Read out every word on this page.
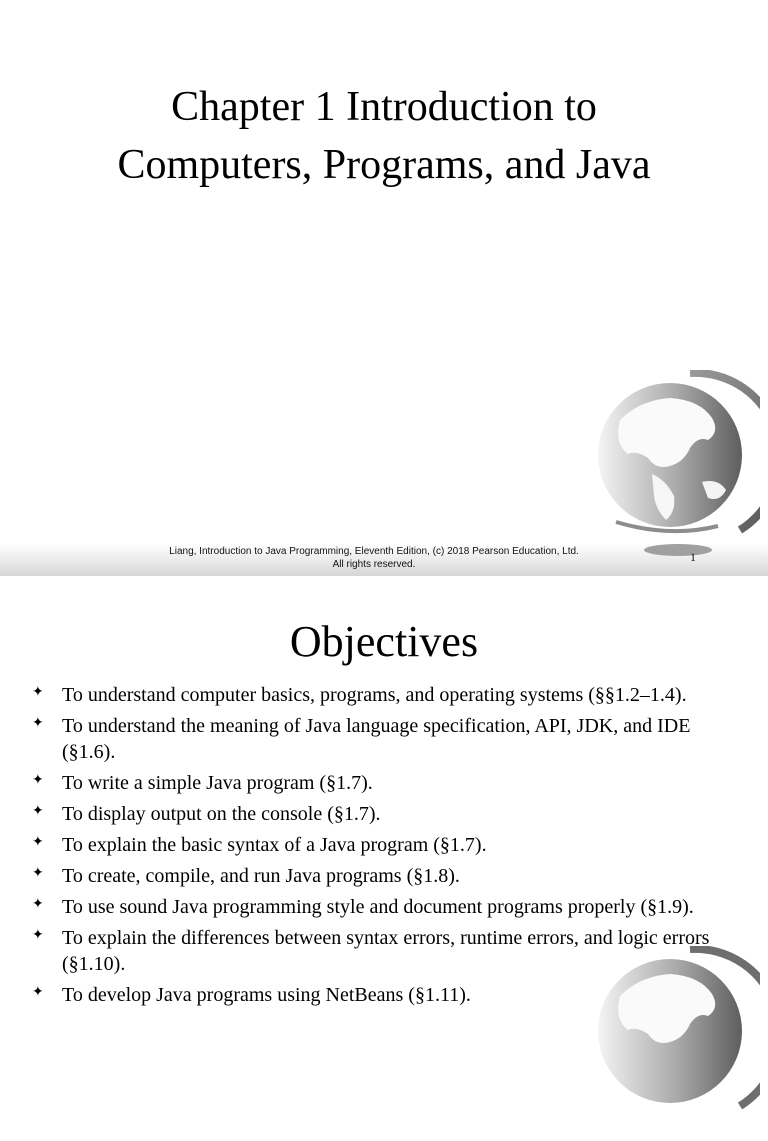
Chapter 1 Introduction to
Computers, Programs, and Java
Liang, Introduction to Java Programming, Eleventh Edition, (c) 2018 Pearson Education, Ltd.
All rights reserved.
1
Objectives
✦ To understand computer basics, programs, and operating systems (§§1.2–1.4).
✦ To understand the meaning of Java language specification, API, JDK, and IDE (§1.6).
✦ To write a simple Java program (§1.7).
✦ To display output on the console (§1.7).
✦ To explain the basic syntax of a Java program (§1.7).
✦ To create, compile, and run Java programs (§1.8).
✦ To use sound Java programming style and document programs properly (§1.9).
✦ To explain the differences between syntax errors, runtime errors, and logic errors (§1.10).
✦ To develop Java programs using NetBeans (§1.11).
